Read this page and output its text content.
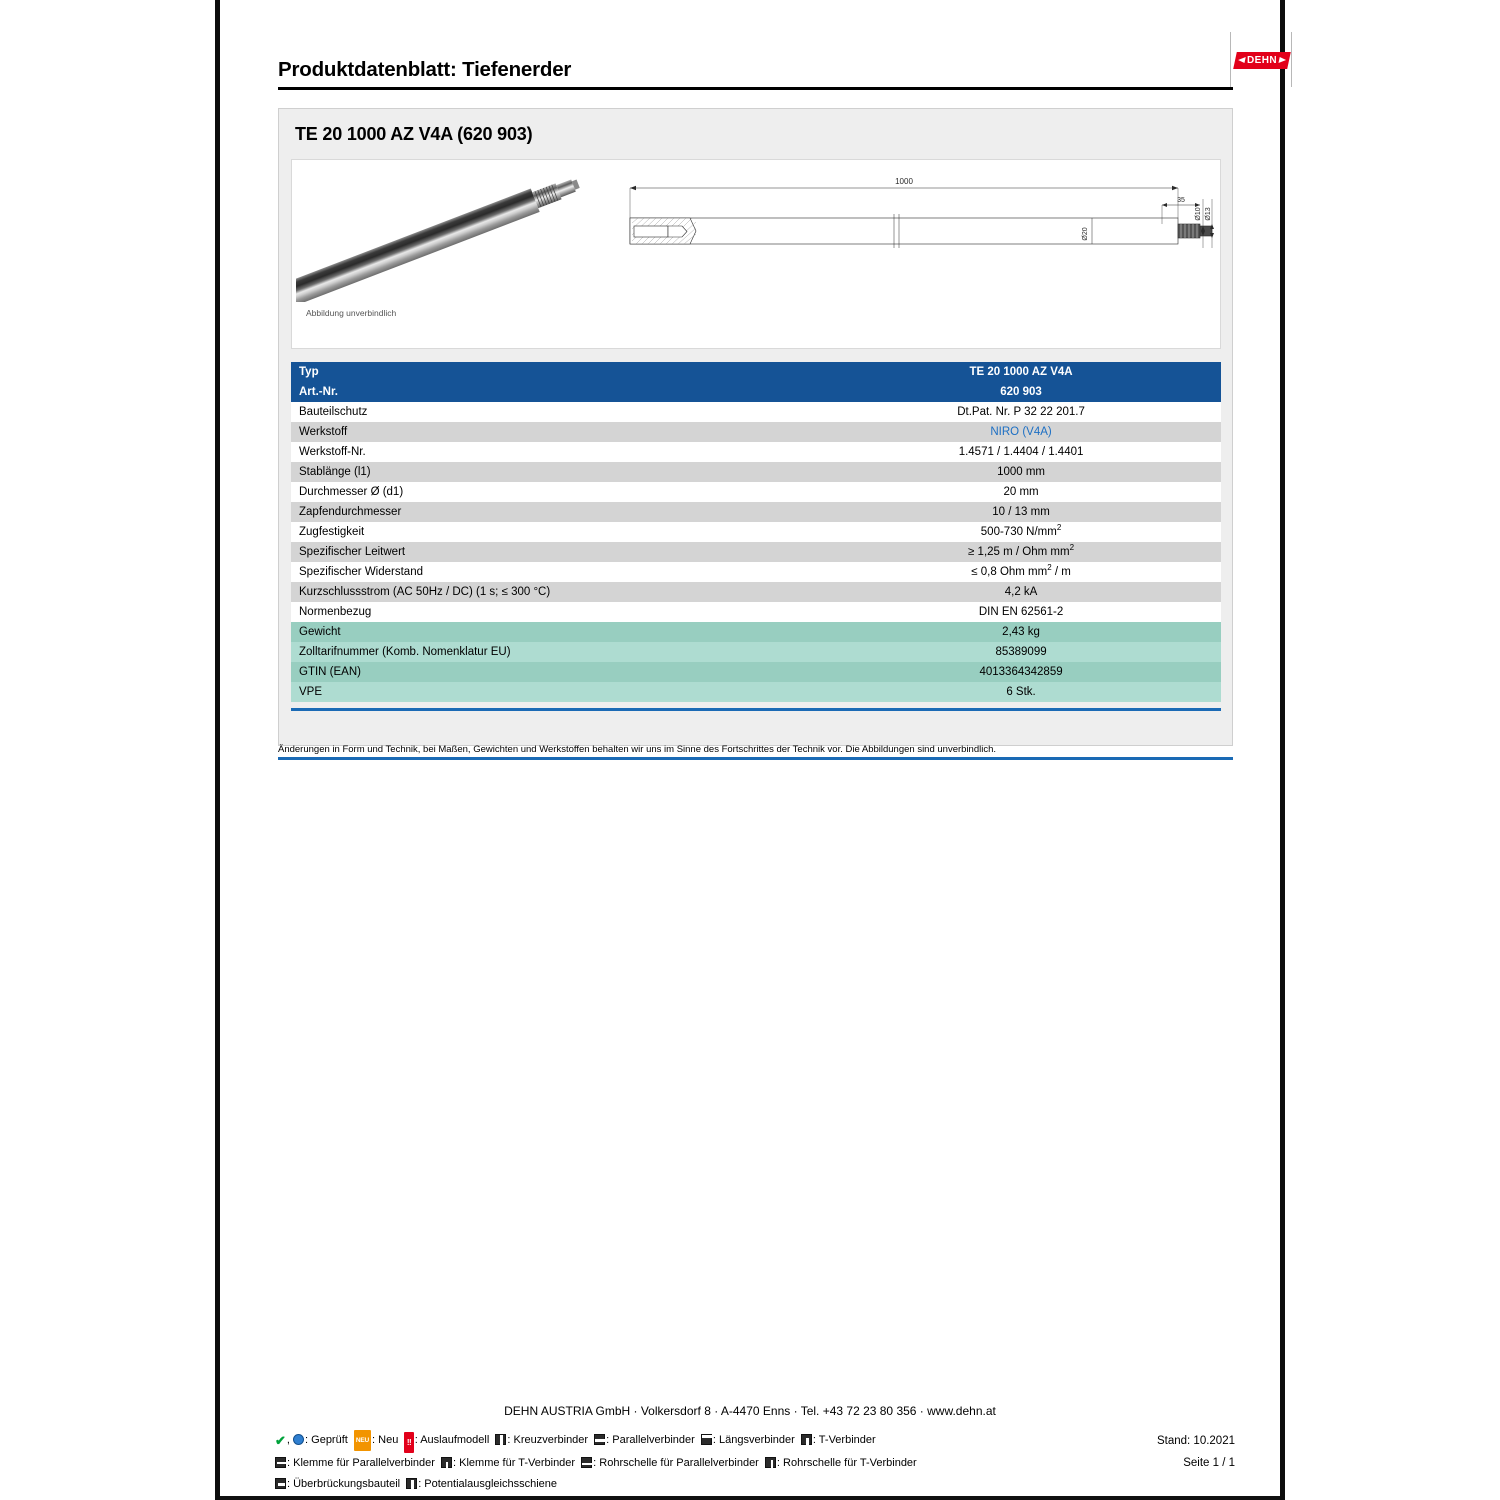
Produktdatenblatt: Tiefenerder	DEHN
TE 20 1000 AZ V4A (620 903)
Abbildung unverbindlich
1000
35
Ø20
Ø10 Ø13
Typ	TE 20 1000 AZ V4A
Art.-Nr.	620 903
Bauteilschutz	Dt.Pat. Nr. P 32 22 201.7
Werkstoff	NIRO (V4A)
Werkstoff-Nr.	1.4571 / 1.4404 / 1.4401
Stablänge (l1)	1000 mm
Durchmesser Ø (d1)	20 mm
Zapfendurchmesser	10 / 13 mm
Zugfestigkeit	500-730 $N/mm^2$
Spezifischer Leitwert	≥ 1,25 m / Ohm $mm^2$
Spezifischer Widerstand	≤ 0,8 Ohm $mm^2$ / m
Kurzschlussstrom (AC 50Hz / DC) (1 s; ≤ 300 °C)	4,2 kA
Normenbezug	DIN EN 62561-2
Gewicht	2,43 kg
Zolltarifnummer (Komb. Nomenklatur EU)	85389099
GTIN (EAN)	4013364342859
VPE	6 Stk.
Änderungen in Form und Technik, bei Maßen, Gewichten und Werkstoffen behalten wir uns im Sinne des Fortschrittes der Technik vor. Die Abbildungen sind unverbindlich.
DEHN AUSTRIA GmbH · Volkersdorf 8 · A-4470 Enns · Tel. +43 72 23 80 356 · www.dehn.at
✔, : Geprüft NEU : Neu !! : Auslaufmodell : Kreuzverbinder : Parallelverbinder : Längsverbinder : T-Verbinder
: Klemme für Parallelverbinder : Klemme für T-Verbinder : Rohrschelle für Parallelverbinder : Rohrschelle für T-Verbinder
: Überbrückungsbauteil : Potentialausgleichsschiene
Stand: 10.2021
Seite 1 / 1
